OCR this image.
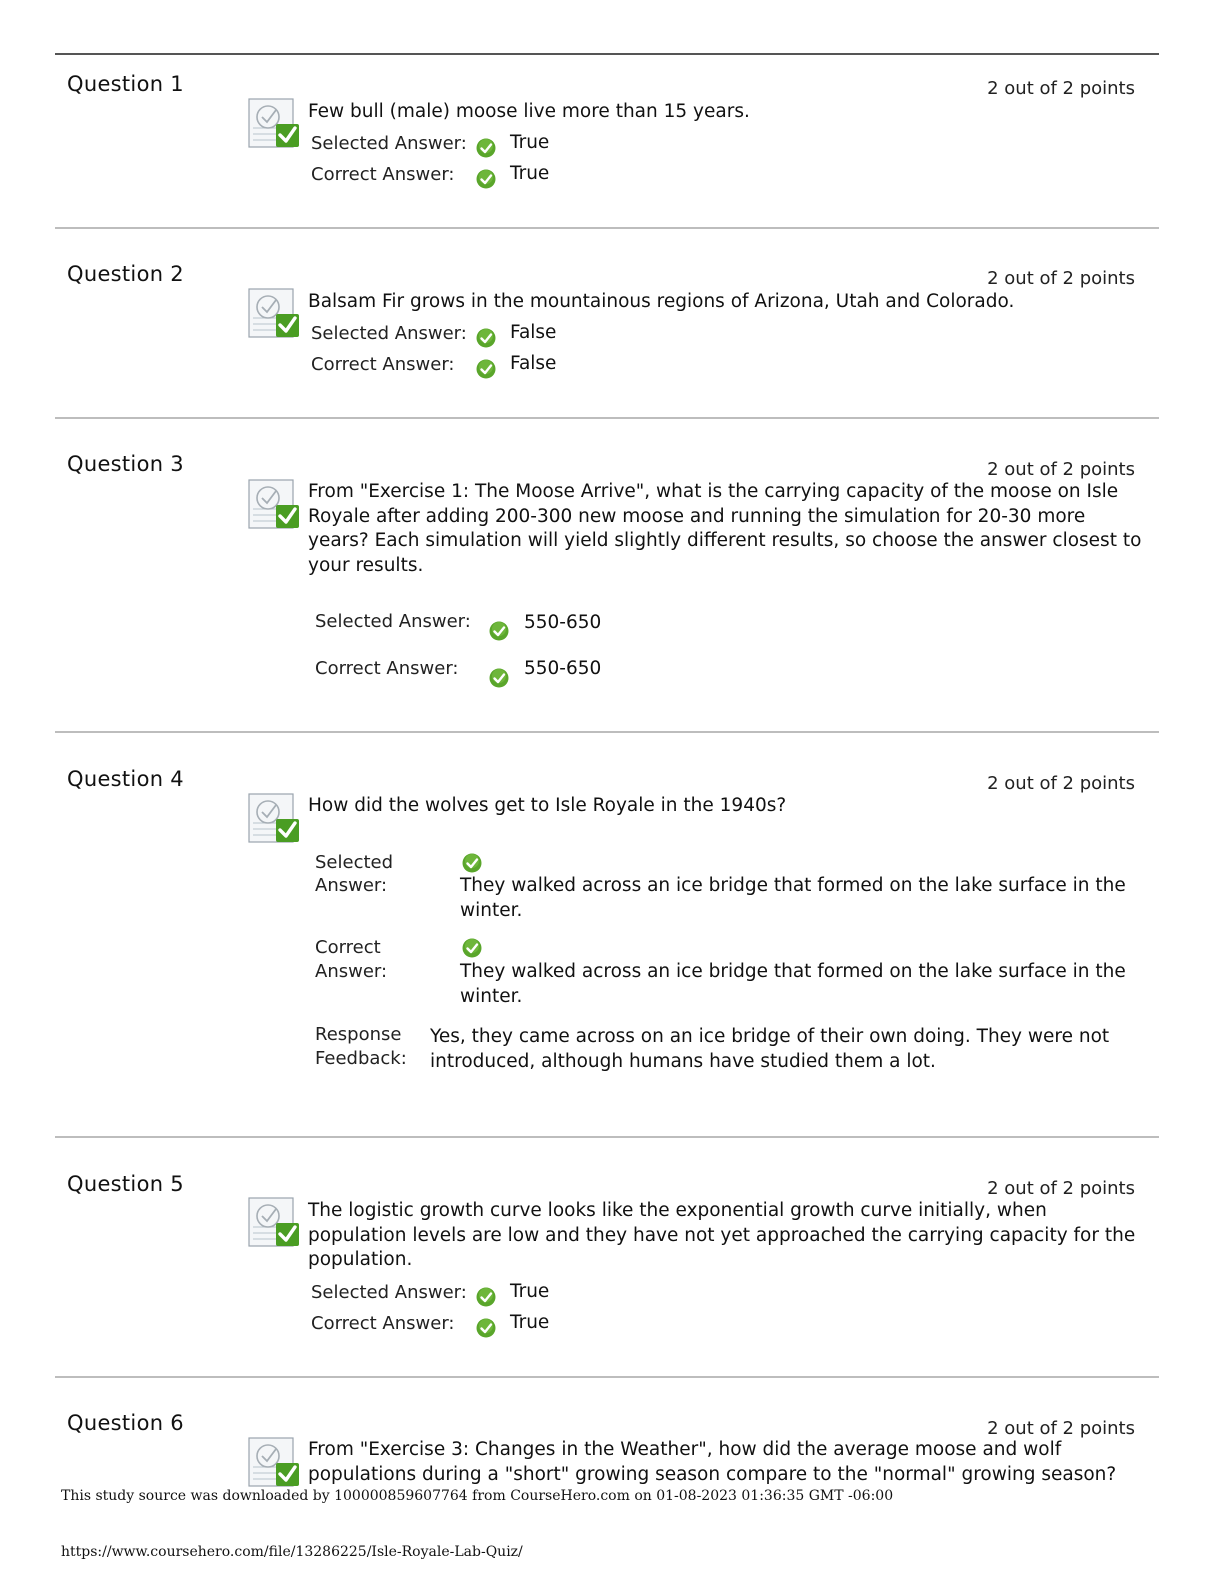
Question 1	2 out of 2 points
Few bull (male) moose live more than 15 years.
Selected Answer: True
Correct Answer:	True
Question 2	2 out of 2 points
Balsam Fir grows in the mountainous regions of Arizona, Utah and Colorado.
Selected Answer: False
Correct Answer:	False
Question 3	2 out of 2 points
From "Exercise 1: The Moose Arrive", what is the carrying capacity of the moose on Isle Royale after adding 200-300 new moose and running the simulation for 20-30 more years? Each simulation will yield slightly different results, so choose the answer closest to your results.
Selected Answer:	550-650
Correct Answer:	550-650
Question 4	2 out of 2 points
How did the wolves get to Isle Royale in the 1940s?
Selected
Answer:	They walked across an ice bridge that formed on the lake surface in the winter.
Correct
Answer:	They walked across an ice bridge that formed on the lake surface in the winter.
Response
Feedback:
Yes, they came across on an ice bridge of their own doing. They were not introduced, although humans have studied them a lot.
Question 5	2 out of 2 points
The logistic growth curve looks like the exponential growth curve initially, when population levels are low and they have not yet approached the carrying capacity for the population.
Selected Answer: True
Correct Answer:	True
Question 6	2 out of 2 points
From "Exercise 3: Changes in the Weather", how did the average moose and wolf populations during a "short" growing season compare to the "normal" growing season?
This study source was downloaded by 100000859607764 from CourseHero.com on 01-08-2023 01:36:35 GMT -06:00
https://www.coursehero.com/file/13286225/Isle-Royale-Lab-Quiz/
